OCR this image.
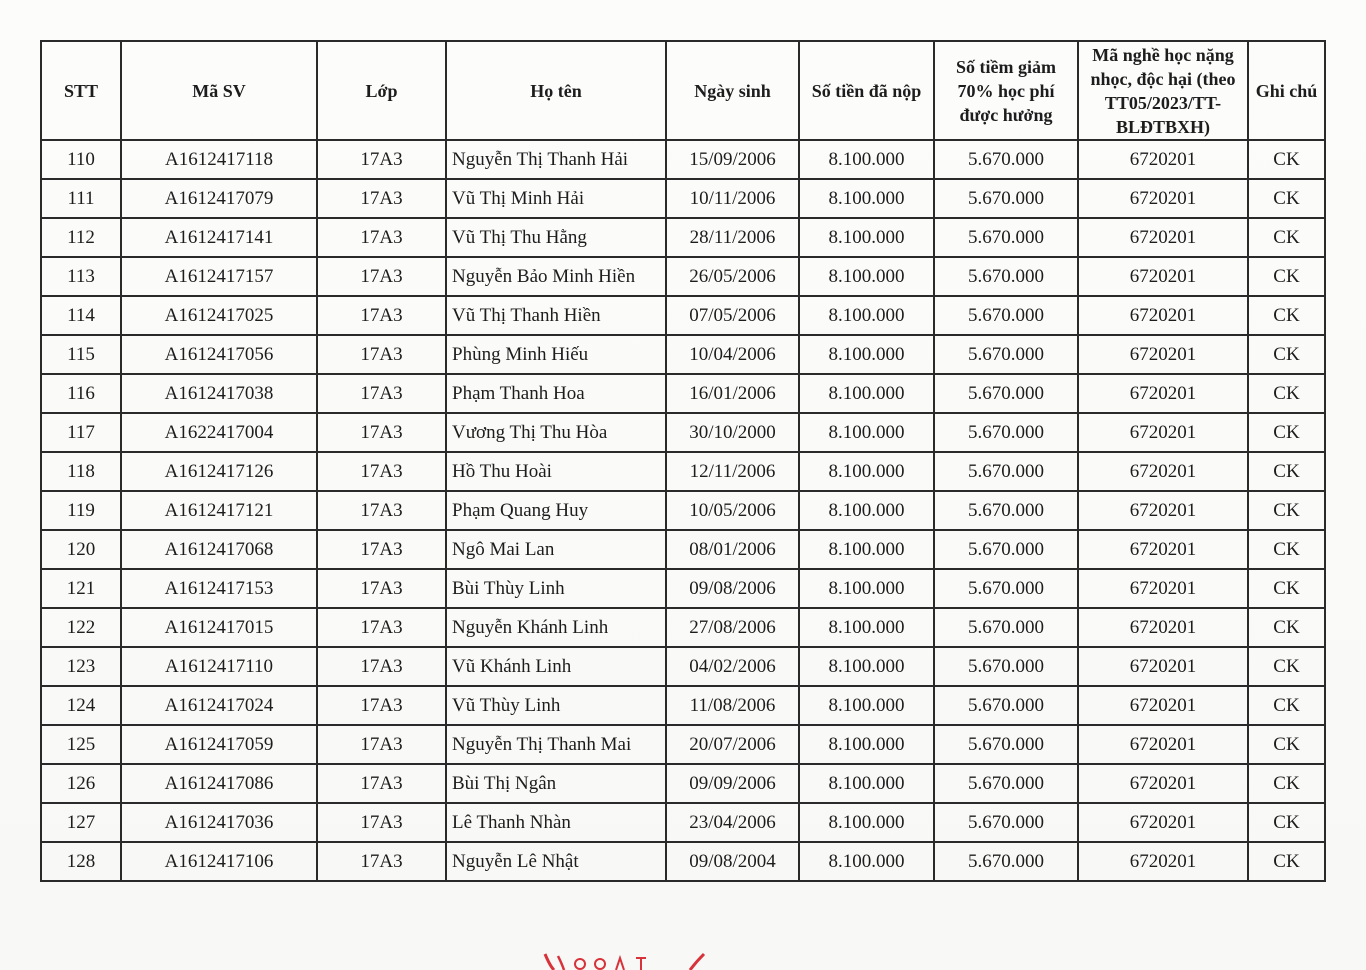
STT	Mã SV	Lớp	Họ tên	Ngày sinh	Số tiền đã nộp	Số tiềm giảm 70% học phí được hưởng	Mã nghề học nặng nhọc, độc hại (theo TT05/2023/TT-BLĐTBXH)	Ghi chú
110	A1612417118	17A3	Nguyễn Thị Thanh Hải	15/09/2006	8.100.000	5.670.000	6720201	CK
111	A1612417079	17A3	Vũ Thị Minh Hải	10/11/2006	8.100.000	5.670.000	6720201	CK
112	A1612417141	17A3	Vũ Thị Thu Hằng	28/11/2006	8.100.000	5.670.000	6720201	CK
113	A1612417157	17A3	Nguyễn Bảo Minh Hiền	26/05/2006	8.100.000	5.670.000	6720201	CK
114	A1612417025	17A3	Vũ Thị Thanh Hiền	07/05/2006	8.100.000	5.670.000	6720201	CK
115	A1612417056	17A3	Phùng Minh Hiếu	10/04/2006	8.100.000	5.670.000	6720201	CK
116	A1612417038	17A3	Phạm Thanh Hoa	16/01/2006	8.100.000	5.670.000	6720201	CK
117	A1622417004	17A3	Vương Thị Thu Hòa	30/10/2000	8.100.000	5.670.000	6720201	CK
118	A1612417126	17A3	Hồ Thu Hoài	12/11/2006	8.100.000	5.670.000	6720201	CK
119	A1612417121	17A3	Phạm Quang Huy	10/05/2006	8.100.000	5.670.000	6720201	CK
120	A1612417068	17A3	Ngô Mai Lan	08/01/2006	8.100.000	5.670.000	6720201	CK
121	A1612417153	17A3	Bùi Thùy Linh	09/08/2006	8.100.000	5.670.000	6720201	CK
122	A1612417015	17A3	Nguyễn Khánh Linh	27/08/2006	8.100.000	5.670.000	6720201	CK
123	A1612417110	17A3	Vũ Khánh Linh	04/02/2006	8.100.000	5.670.000	6720201	CK
124	A1612417024	17A3	Vũ Thùy Linh	11/08/2006	8.100.000	5.670.000	6720201	CK
125	A1612417059	17A3	Nguyễn Thị Thanh Mai	20/07/2006	8.100.000	5.670.000	6720201	CK
126	A1612417086	17A3	Bùi Thị Ngân	09/09/2006	8.100.000	5.670.000	6720201	CK
127	A1612417036	17A3	Lê Thanh Nhàn	23/04/2006	8.100.000	5.670.000	6720201	CK
128	A1612417106	17A3	Nguyễn Lê Nhật	09/08/2004	8.100.000	5.670.000	6720201	CK
